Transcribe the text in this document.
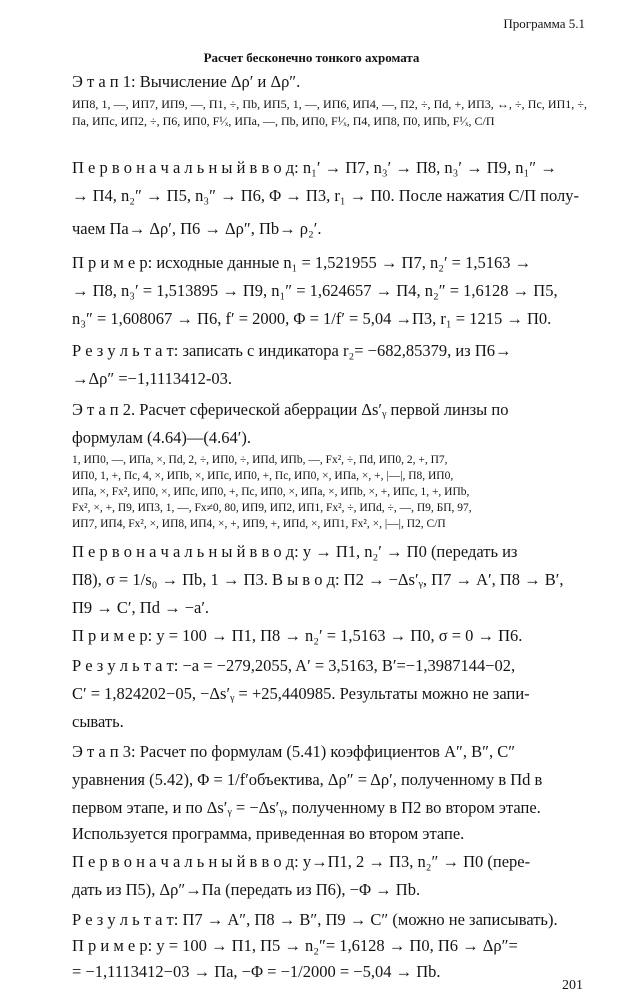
Программа 5.1
Расчет бесконечно тонкого ахромата
Э т а п 1: Вычисление Δρ′ и Δρ″.
ИП8, 1, —, ИП7, ИП9, —, П1, ÷, Пb, ИП5, 1, —, ИП6, ИП4, —, П2, ÷, Пd, +, ИП3, ↔, ÷, Пс, ИП1, ÷, Па, ИПс, ИП2, ÷, П6, ИП0, F¹⁄ₓ, ИПа, —, Пb, ИП0, F¹⁄ₓ, П4, ИП8, П0, ИПb, F¹⁄ₓ, С/П
П е р в о н а ч а л ь н ы й в в о д: n₁′ → П7, n₃′ → П8, n₃′ → П9, n₁″ →
→ П4, n₂″ → П5, n₃″ → П6, Φ → П3, r₁ → П0. После нажатия С/П полу-
чаем Па→ Δρ′, П6 → Δρ″, Пb→ ρ₂′.
П р и м е р: исходные данные n₁ = 1,521955 → П7, n₂′ = 1,5163 →
→ П8, n₃′ = 1,513895 → П9, n₁″ = 1,624657 → П4, n₂″ = 1,6128 → П5,
n₃″ = 1,608067 → П6, f′ = 2000, Φ = 1/f′ = 5,04 →П3, r₁ = 1215 → П0.
Р е з у л ь т а т: записать с индикатора r₂= −682,85379, из П6→
→Δρ″ =−1,1113412-03.
Э т а п 2. Расчет сферической аберрации Δs′ᵧ первой линзы по
формулам (4.64)—(4.64′).
1, ИП0, —, ИПа, ×, Пd, 2, ÷, ИП0, ÷, ИПd, ИПb, —, Fx², ÷, Пd, ИП0, 2, +, П7,
ИП0, 1, +, Пс, 4, ×, ИПb, ×, ИПс, ИП0, +, Пс, ИП0, ×, ИПа, ×, +, |—|, П8, ИП0,
ИПа, ×, Fx², ИП0, ×, ИПс, ИП0, +, Пс, ИП0, ×, ИПа, ×, ИПb, ×, +, ИПс, 1, +, ИПb,
Fx², ×, +, П9, ИП3, 1, —, Fx≠0, 80, ИП9, ИП2, ИП1, Fx², ÷, ИПd, ÷, —, П9, БП, 97,
ИП7, ИП4, Fx², ×, ИП8, ИП4, ×, +, ИП9, +, ИПd, ×, ИП1, Fx², ×, |—|, П2, С/П
П е р в о н а ч а л ь н ы й в в о д: y → П1, n₂′ → П0 (передать из
П8), σ = 1/s₀ → Пb, 1 → П3. В ы в о д: П2 → −Δs′ᵧ, П7 → A′, П8 → B′,
П9 → C′, Пd → −a′.
П р и м е р: y = 100 → П1, П8 → n₂′ = 1,5163 → П0, σ = 0 → П6.
Р е з у л ь т а т: −a = −279,2055, A′ = 3,5163, B′=−1,3987144−02,
C′ = 1,824202−05, −Δs′ᵧ = +25,440985. Результаты можно не запи-
сывать.
Э т а п 3: Расчет по формулам (5.41) коэффициентов A″, B″, C″
уравнения (5.42), Φ = 1/f′объектива, Δρ″ = Δρ′, полученному в Пd в
первом этапе, и по Δs′ᵧ = −Δs′ᵧ, полученному в П2 во втором этапе.
Используется программа, приведенная во втором этапе.
П е р в о н а ч а л ь н ы й в в о д: y→П1, 2 → П3, n₂″ → П0 (пере-
дать из П5), Δρ″→Па (передать из П6), −Φ → Пb.
Р е з у л ь т а т: П7 → A″, П8 → B″, П9 → C″ (можно не записывать).
П р и м е р: y = 100 → П1, П5 → n₂″= 1,6128 → П0, П6 → Δρ″=
= −1,1113412−03 → Па, −Φ = −1/2000 = −5,04 → Пb.
201
